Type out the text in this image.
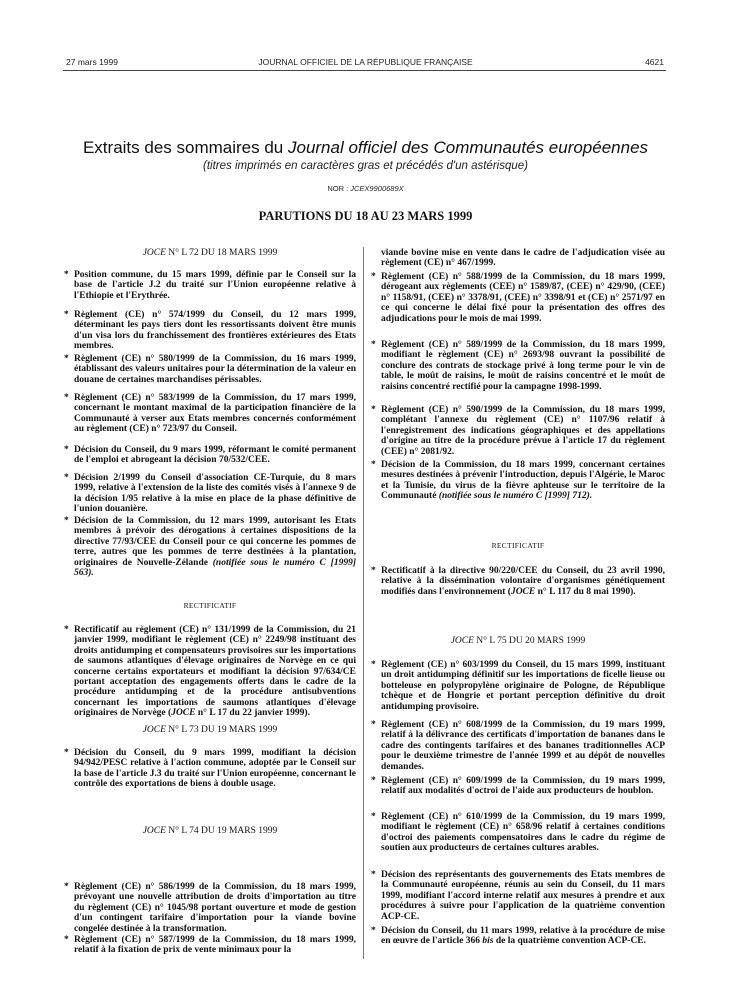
27 mars 1999	JOURNAL OFFICIEL DE LA RÉPUBLIQUE FRANÇAISE	4621
Extraits des sommaires du Journal officiel des Communautés européennes
(titres imprimés en caractères gras et précédés d'un astérisque)
NOR : JCEX9900689X
PARUTIONS DU 18 AU 23 MARS 1999
JOCE N° L 72 DU 18 MARS 1999
* Position commune, du 15 mars 1999, définie par le Conseil sur la base de l'article J.2 du traité sur l'Union européenne relative à l'Ethiopie et l'Erythrée.
* Règlement (CE) n° 574/1999 du Conseil, du 12 mars 1999, déterminant les pays tiers dont les ressortissants doivent être munis d'un visa lors du franchissement des frontières extérieures des Etats membres.
* Règlement (CE) n° 580/1999 de la Commission, du 16 mars 1999, établissant des valeurs unitaires pour la détermination de la valeur en douane de certaines marchandises périssables.
* Règlement (CE) n° 583/1999 de la Commission, du 17 mars 1999, concernant le montant maximal de la participation financière de la Communauté à verser aux Etats membres concernés conformément au règlement (CE) n° 723/97 du Conseil.
* Décision du Conseil, du 9 mars 1999, réformant le comité permanent de l'emploi et abrogeant la décision 70/532/CEE.
* Décision 2/1999 du Conseil d'association CE-Turquie, du 8 mars 1999, relative à l'extension de la liste des comités visés à l'annexe 9 de la décision 1/95 relative à la mise en place de la phase définitive de l'union douanière.
* Décision de la Commission, du 12 mars 1999, autorisant les Etats membres à prévoir des dérogations à certaines dispositions de la directive 77/93/CEE du Conseil pour ce qui concerne les pommes de terre, autres que les pommes de terre destinées à la plantation, originaires de Nouvelle-Zélande (notifiée sous le numéro C [1999] 563).
RECTIFICATIF
* Rectificatif au règlement (CE) n° 131/1999 de la Commission, du 21 janvier 1999, modifiant le règlement (CE) n° 2249/98 instituant des droits antidumping et compensateurs provisoires sur les importations de saumons atlantiques d'élevage originaires de Norvège en ce qui concerne certains exportateurs et modifiant la décision 97/634/CE portant acceptation des engagements offerts dans le cadre de la procédure antidumping et de la procédure antisubventions concernant les importations de saumons atlantiques d'élevage originaires de Norvège (JOCE n° L 17 du 22 janvier 1999).
JOCE N° L 73 DU 19 MARS 1999
* Décision du Conseil, du 9 mars 1999, modifiant la décision 94/942/PESC relative à l'action commune, adoptée par le Conseil sur la base de l'article J.3 du traité sur l'Union européenne, concernant le contrôle des exportations de biens à double usage.
JOCE N° L 74 DU 19 MARS 1999
* Règlement (CE) n° 586/1999 de la Commission, du 18 mars 1999, prévoyant une nouvelle attribution de droits d'importation au titre du règlement (CE) n° 1045/98 portant ouverture et mode de gestion d'un contingent tarifaire d'importation pour la viande bovine congelée destinée à la transformation.
* Règlement (CE) n° 587/1999 de la Commission, du 18 mars 1999, relatif à la fixation de prix de vente minimaux pour la
viande bovine mise en vente dans le cadre de l'adjudication visée au règlement (CE) n° 467/1999.
* Règlement (CE) n° 588/1999 de la Commission, du 18 mars 1999, dérogeant aux règlements (CEE) n° 1589/87, (CEE) n° 429/90, (CEE) n° 1158/91, (CEE) n° 3378/91, (CEE) n° 3398/91 et (CE) n° 2571/97 en ce qui concerne le délai fixé pour la présentation des offres des adjudications pour le mois de mai 1999.
* Règlement (CE) n° 589/1999 de la Commission, du 18 mars 1999, modifiant le règlement (CE) n° 2693/98 ouvrant la possibilité de conclure des contrats de stockage privé à long terme pour le vin de table, le moût de raisins, le moût de raisins concentré et le moût de raisins concentré rectifié pour la campagne 1998-1999.
* Règlement (CE) n° 590/1999 de la Commission, du 18 mars 1999, complétant l'annexe du règlement (CE) n° 1107/96 relatif à l'enregistrement des indications géographiques et des appellations d'origine au titre de la procédure prévue à l'article 17 du règlement (CEE) n° 2081/92.
* Décision de la Commission, du 18 mars 1999, concernant certaines mesures destinées à prévenir l'introduction, depuis l'Algérie, le Maroc et la Tunisie, du virus de la fièvre aphteuse sur le territoire de la Communauté (notifiée sous le numéro C [1999] 712).
RECTIFICATIF
* Rectificatif à la directive 90/220/CEE du Conseil, du 23 avril 1990, relative à la dissémination volontaire d'organismes génétiquement modifiés dans l'environnement (JOCE n° L 117 du 8 mai 1990).
JOCE N° L 75 DU 20 MARS 1999
* Règlement (CE) n° 603/1999 du Conseil, du 15 mars 1999, instituant un droit antidumping définitif sur les importations de ficelle lieuse ou botteleuse en polypropylène originaire de Pologne, de République tchèque et de Hongrie et portant perception définitive du droit antidumping provisoire.
* Règlement (CE) n° 608/1999 de la Commission, du 19 mars 1999, relatif à la délivrance des certificats d'importation de bananes dans le cadre des contingents tarifaires et des bananes traditionnelles ACP pour le deuxième trimestre de l'année 1999 et au dépôt de nouvelles demandes.
* Règlement (CE) n° 609/1999 de la Commission, du 19 mars 1999, relatif aux modalités d'octroi de l'aide aux producteurs de houblon.
* Règlement (CE) n° 610/1999 de la Commission, du 19 mars 1999, modifiant le règlement (CE) n° 658/96 relatif à certaines conditions d'octroi des paiements compensatoires dans le cadre du régime de soutien aux producteurs de certaines cultures arables.
* Décision des représentants des gouvernements des Etats membres de la Communauté européenne, réunis au sein du Conseil, du 11 mars 1999, modifiant l'accord interne relatif aux mesures à prendre et aux procédures à suivre pour l'application de la quatrième convention ACP-CE.
* Décision du Conseil, du 11 mars 1999, relative à la procédure de mise en œuvre de l'article 366 bis de la quatrième convention ACP-CE.
